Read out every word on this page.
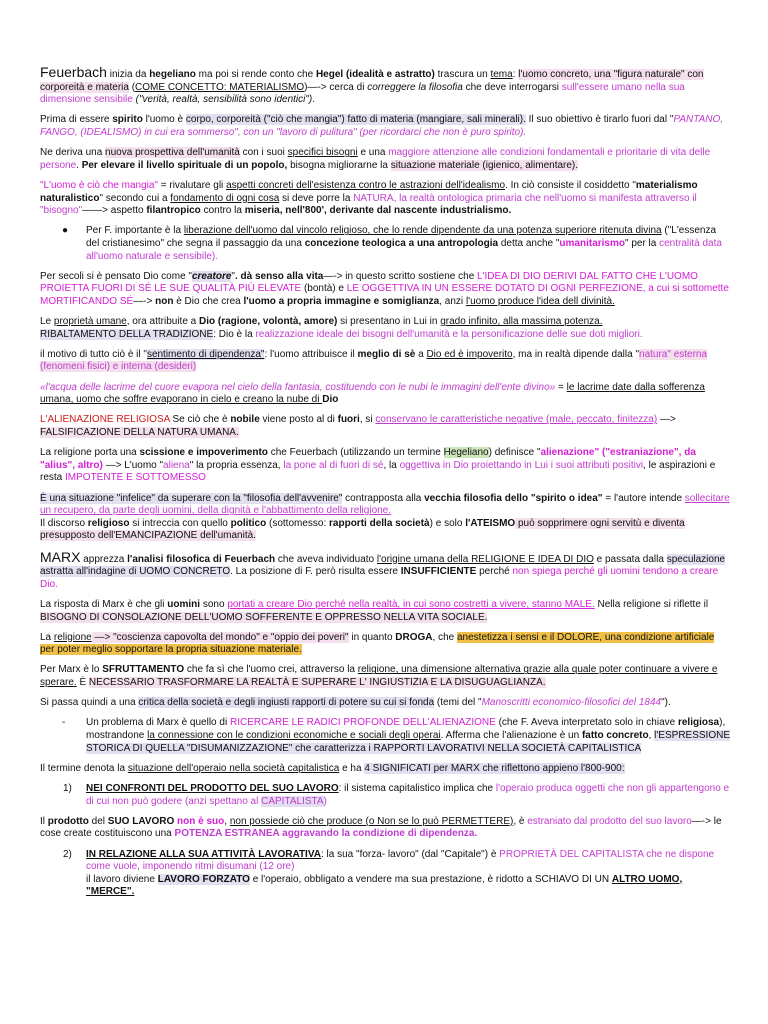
Feuerbach inizia da hegeliano ma poi si rende conto che Hegel (idealità e astratto) trascura un tema: l'uomo concreto, una "figura naturale" con corporeità e materia (COME CONCETTO: MATERIALISMO)—-> cerca di correggere la filosofia che deve interrogarsi sull'essere umano nella sua dimensione sensibile ("verità, realtà, sensibilità sono identici").

Prima di essere spirito l'uomo è corpo, corporeità ("ciò che mangia") fatto di materia (mangiare, sali minerali). Il suo obiettivo è tirarlo fuori dal "PANTANO, FANGO, (IDEALISMO) in cui era sommerso", con un "lavoro di pulitura" (per ricordarci che non è puro spirito).

Ne deriva una nuova prospettiva dell'umanità con i suoi specifici bisogni e una maggiore attenzione alle condizioni fondamentali e prioritarie di vita delle persone. Per elevare il livello spirituale di un popolo, bisogna migliorarne la situazione materiale (igienico, alimentare).

"L'uomo è ciò che mangia" = rivalutare gli aspetti concreti dell'esistenza contro le astrazioni dell'idealismo. In ciò consiste il cosiddetto "materialismo naturalistico" secondo cui a fondamento di ogni cosa si deve porre la NATURA, la realtà ontologica primaria che nell'uomo si manifesta attraverso il "bisogno"——> aspetto filantropico contro la miseria, nell'800', derivante dal nascente industrialismo.

●	Per F. importante è la liberazione dell'uomo dal vincolo religioso, che lo rende dipendente da una potenza superiore ritenuta divina ("L'essenza del cristianesimo" che segna il passaggio da una concezione teologica a una antropologia detta anche "umanitarismo" per la centralità data all'uomo naturale e sensibile).

Per secoli si è pensato Dio come "creatore". dà senso alla vita—-> in questo scritto sostiene che L'IDEA DI DIO DERIVI DAL FATTO CHE L'UOMO PROIETTA FUORI DI SÉ LE SUE QUALITÀ PIÙ ELEVATE (bontà) e LE OGGETTIVA IN UN ESSERE DOTATO DI OGNI PERFEZIONE, a cui si sottomette MORTIFICANDO SÉ—-> non è Dio che crea l'uomo a propria immagine e somiglianza, anzi l'uomo produce l'idea dell divinità.

Le proprietà umane, ora attribuite a Dio (ragione, volontà, amore) si presentano in Lui in grado infinito, alla massima potenza.
RIBALTAMENTO DELLA TRADIZIONE: Dio è la realizzazione ideale dei bisogni dell'umanità e la personificazione delle sue doti migliori.

il motivo di tutto ciò è il "sentimento di dipendenza": l'uomo attribuisce il meglio di sè a Dio ed è impoverito, ma in realtà dipende dalla "natura" esterna (fenomeni fisici) e interna (desideri)

«l'acqua delle lacrime del cuore evapora nel cielo della fantasia, costituendo con le nubi le immagini dell'ente divino» = le lacrime date dalla sofferenza umana, uomo che soffre evaporano in cielo e creano la nube di Dio

L'ALIENAZIONE RELIGIOSA Se ciò che è nobile viene posto al di fuori, si conservano le caratteristiche negative (male, peccato, finitezza) —> FALSIFICAZIONE DELLA NATURA UMANA.

La religione porta una scissione e impoverimento che Feuerbach (utilizzando un termine Hegeliano) definisce "alienazione" ("estraniazione", da "alius", altro) —> L'uomo "aliena" la propria essenza, la pone al di fuori di sé, la oggettiva in Dio proiettando in Lui i suoi attributi positivi, le aspirazioni e resta IMPOTENTE E SOTTOMESSO

È una situazione "infelice" da superare con la "filosofia dell'avvenire" contrapposta alla vecchia filosofia dello "spirito o idea" = l'autore intende sollecitare un recupero, da parte degli uomini, della dignità e l'abbattimento della religione.
Il discorso religioso si intreccia con quello politico (sottomesso: rapporti della società) e solo l'ATEISMO può sopprimere ogni servitù e diventa presupposto dell'EMANCIPAZIONE dell'umanità.

MARX apprezza l'analisi filosofica di Feuerbach che aveva individuato l'origine umana della RELIGIONE E IDEA DI DIO e passata dalla speculazione astratta all'indagine di UOMO CONCRETO. La posizione di F. però risulta essere INSUFFICIENTE perché non spiega perché gli uomini tendono a creare Dio.

La risposta di Marx è che gli uomini sono portati a creare Dio perché nella realtà, in cui sono costretti a vivere, stanno MALE. Nella religione si riflette il BISOGNO DI CONSOLAZIONE DELL'UOMO SOFFERENTE E OPPRESSO NELLA VITA SOCIALE.

La religione —> "coscienza capovolta del mondo" e "oppio dei poveri" in quanto DROGA, che anestetizza i sensi e il DOLORE, una condizione artificiale per poter meglio sopportare la propria situazione materiale.

Per Marx è lo SFRUTTAMENTO che fa sì che l'uomo crei, attraverso la religione, una dimensione alternativa grazie alla quale poter continuare a vivere e sperare. È NECESSARIO TRASFORMARE LA REALTÀ E SUPERARE L' INGIUSTIZIA E LA DISUGUAGLIANZA.

Si passa quindi a una critica della società e degli ingiusti rapporti di potere su cui si fonda (temi del "Manoscritti economico-filosofici del 1844").

-	Un problema di Marx è quello di RICERCARE LE RADICI PROFONDE DELL'ALIENAZIONE (che F. Aveva interpretato solo in chiave religiosa), mostrandone la connessione con le condizioni economiche e sociali degli operai. Afferma che l'alienazione è un fatto concreto, l'ESPRESSIONE STORICA DI QUELLA "DISUMANIZZAZIONE" che caratterizza i RAPPORTI LAVORATIVI NELLA SOCIETÀ CAPITALISTICA

Il termine denota la situazione dell'operaio nella società capitalistica e ha 4 SIGNIFICATI per MARX che riflettono appieno l'800-900:

1)	NEI CONFRONTI DEL PRODOTTO DEL SUO LAVORO: il sistema capitalistico implica che l'operaio produca oggetti che non gli appartengono e di cui non può godere (anzi spettano al CAPITALISTA)

Il prodotto del SUO LAVORO non è suo, non possiede ciò che produce (o Non se lo può PERMETTERE), è estraniato dal prodotto del suo lavoro—-> le cose create costituiscono una POTENZA ESTRANEA aggravando la condizione di dipendenza.

2)	IN RELAZIONE ALLA SUA ATTIVITÀ LAVORATIVA: la sua "forza- lavoro" (dal "Capitale") è PROPRIETÀ DEL CAPITALISTA che ne dispone come vuole, imponendo ritmi disumani (12 ore)
il lavoro diviene LAVORO FORZATO e l'operaio, obbligato a vendere ma sua prestazione, è ridotto a SCHIAVO DI UN ALTRO UOMO, "MERCE".
